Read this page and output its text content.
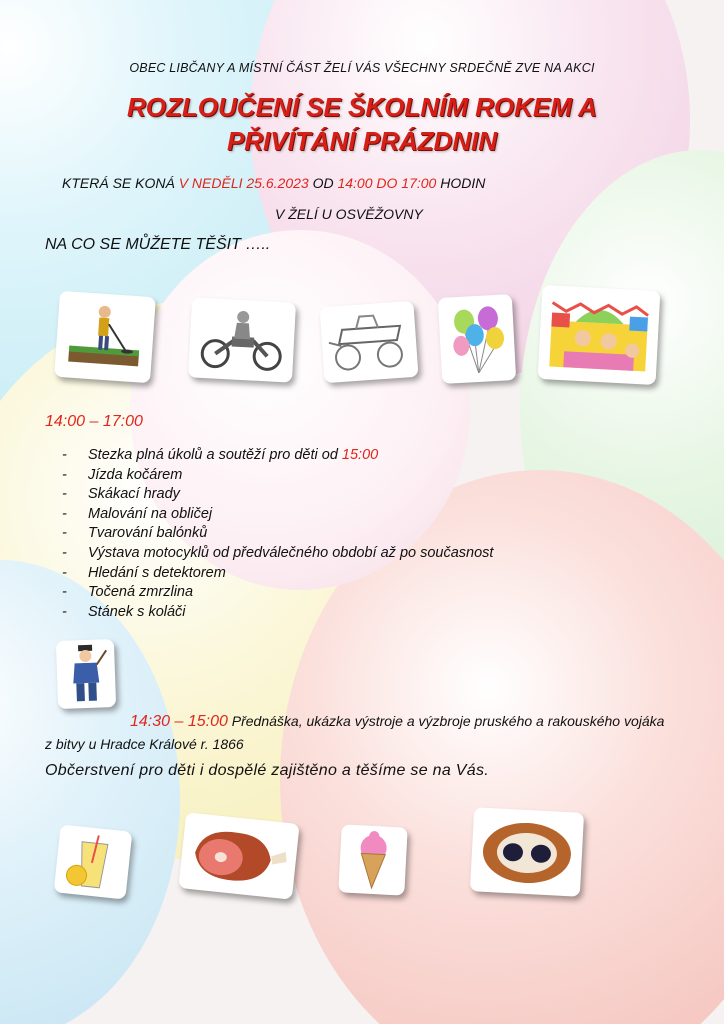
OBEC LIBČANY A MÍSTNÍ ČÁST ŽELÍ VÁS VŠECHNY SRDEČNĚ ZVE NA AKCI
ROZLOUČENÍ SE ŠKOLNÍM ROKEM A
PŘIVÍTÁNÍ PRÁZDNIN
KTERÁ SE KONÁ V NEDĚLI 25.6.2023 OD 14:00 DO 17:00 HODIN
V ŽELÍ U OSVĚŽOVNY
NA CO SE MŮŽETE TĚŠIT …..
14:00 – 17:00
- Stezka plná úkolů a soutěží pro děti od 15:00
- Jízda kočárem
- Skákací hrady
- Malování na obličej
- Tvarování balónků
- Výstava motocyklů od předválečného období až po současnost
- Hledání s detektorem
- Točená zmrzlina
- Stánek s koláči
14:30 – 15:00 Přednáška, ukázka výstroje a výzbroje pruského a rakouského vojáka z bitvy u Hradce Králové r. 1866
Občerstvení pro děti i dospělé zajištěno a těšíme se na Vás.
